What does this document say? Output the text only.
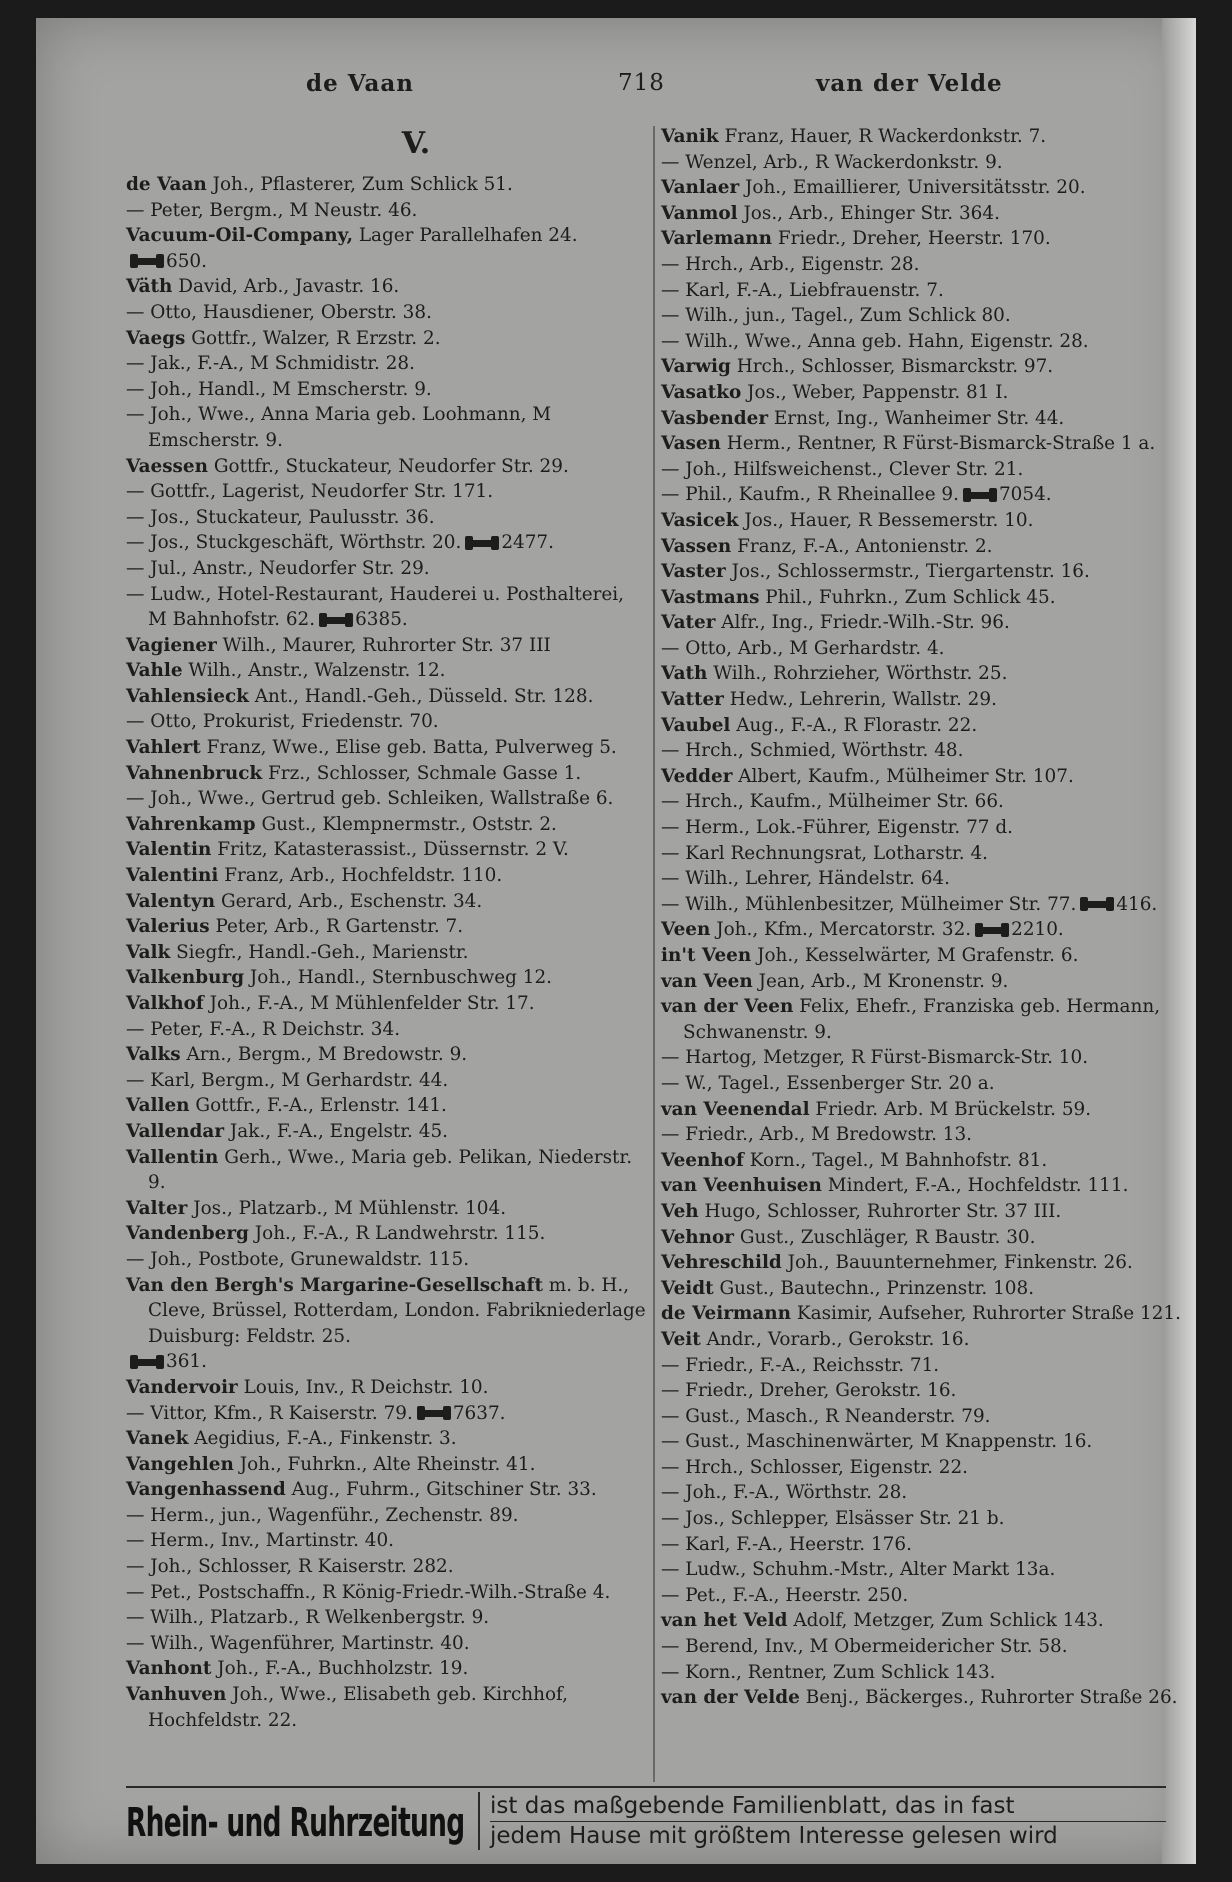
de Vaan	718	van der Velde
V.
de Vaan Joh., Pflasterer, Zum Schlick 51.
— Peter, Bergm., M Neustr. 46.
Vacuum-Oil-Company, Lager Parallelhafen 24.
650.
Väth David, Arb., Javastr. 16.
— Otto, Hausdiener, Oberstr. 38.
Vaegs Gottfr., Walzer, R Erzstr. 2.
— Jak., F.-A., M Schmidistr. 28.
— Joh., Handl., M Emscherstr. 9.
— Joh., Wwe., Anna Maria geb. Loohmann, M Emscherstr. 9.
Vaessen Gottfr., Stuckateur, Neudorfer Str. 29.
— Gottfr., Lagerist, Neudorfer Str. 171.
— Jos., Stuckateur, Paulusstr. 36.
— Jos., Stuckgeschäft, Wörthstr. 20. 2477.
— Jul., Anstr., Neudorfer Str. 29.
— Ludw., Hotel-Restaurant, Hauderei u. Posthalterei, M Bahnhofstr. 62. 6385.
Vagiener Wilh., Maurer, Ruhrorter Str. 37 III
Vahle Wilh., Anstr., Walzenstr. 12.
Vahlensieck Ant., Handl.-Geh., Düsseld. Str. 128.
— Otto, Prokurist, Friedenstr. 70.
Vahlert Franz, Wwe., Elise geb. Batta, Pulverweg 5.
Vahnenbruck Frz., Schlosser, Schmale Gasse 1.
— Joh., Wwe., Gertrud geb. Schleiken, Wallstraße 6.
Vahrenkamp Gust., Klempnermstr., Oststr. 2.
Valentin Fritz, Katasterassist., Düssernstr. 2 V.
Valentini Franz, Arb., Hochfeldstr. 110.
Valentyn Gerard, Arb., Eschenstr. 34.
Valerius Peter, Arb., R Gartenstr. 7.
Valk Siegfr., Handl.-Geh., Marienstr.
Valkenburg Joh., Handl., Sternbuschweg 12.
Valkhof Joh., F.-A., M Mühlenfelder Str. 17.
— Peter, F.-A., R Deichstr. 34.
Valks Arn., Bergm., M Bredowstr. 9.
— Karl, Bergm., M Gerhardstr. 44.
Vallen Gottfr., F.-A., Erlenstr. 141.
Vallendar Jak., F.-A., Engelstr. 45.
Vallentin Gerh., Wwe., Maria geb. Pelikan, Niederstr. 9.
Valter Jos., Platzarb., M Mühlenstr. 104.
Vandenberg Joh., F.-A., R Landwehrstr. 115.
— Joh., Postbote, Grunewaldstr. 115.
Van den Bergh's Margarine-Gesellschaft m. b. H., Cleve, Brüssel, Rotterdam, London. Fabrikniederlage Duisburg: Feldstr. 25.
361.
Vandervoir Louis, Inv., R Deichstr. 10.
— Vittor, Kfm., R Kaiserstr. 79. 7637.
Vanek Aegidius, F.-A., Finkenstr. 3.
Vangehlen Joh., Fuhrkn., Alte Rheinstr. 41.
Vangenhassend Aug., Fuhrm., Gitschiner Str. 33.
— Herm., jun., Wagenführ., Zechenstr. 89.
— Herm., Inv., Martinstr. 40.
— Joh., Schlosser, R Kaiserstr. 282.
— Pet., Postschaffn., R König-Friedr.-Wilh.-Straße 4.
— Wilh., Platzarb., R Welkenbergstr. 9.
— Wilh., Wagenführer, Martinstr. 40.
Vanhont Joh., F.-A., Buchholzstr. 19.
Vanhuven Joh., Wwe., Elisabeth geb. Kirchhof, Hochfeldstr. 22.
Vanik Franz, Hauer, R Wackerdonkstr. 7.
— Wenzel, Arb., R Wackerdonkstr. 9.
Vanlaer Joh., Emaillierer, Universitätsstr. 20.
Vanmol Jos., Arb., Ehinger Str. 364.
Varlemann Friedr., Dreher, Heerstr. 170.
— Hrch., Arb., Eigenstr. 28.
— Karl, F.-A., Liebfrauenstr. 7.
— Wilh., jun., Tagel., Zum Schlick 80.
— Wilh., Wwe., Anna geb. Hahn, Eigenstr. 28.
Varwig Hrch., Schlosser, Bismarckstr. 97.
Vasatko Jos., Weber, Pappenstr. 81 I.
Vasbender Ernst, Ing., Wanheimer Str. 44.
Vasen Herm., Rentner, R Fürst-Bismarck-Straße 1 a.
— Joh., Hilfsweichenst., Clever Str. 21.
— Phil., Kaufm., R Rheinallee 9. 7054.
Vasicek Jos., Hauer, R Bessemerstr. 10.
Vassen Franz, F.-A., Antonienstr. 2.
Vaster Jos., Schlossermstr., Tiergartenstr. 16.
Vastmans Phil., Fuhrkn., Zum Schlick 45.
Vater Alfr., Ing., Friedr.-Wilh.-Str. 96.
— Otto, Arb., M Gerhardstr. 4.
Vath Wilh., Rohrzieher, Wörthstr. 25.
Vatter Hedw., Lehrerin, Wallstr. 29.
Vaubel Aug., F.-A., R Florastr. 22.
— Hrch., Schmied, Wörthstr. 48.
Vedder Albert, Kaufm., Mülheimer Str. 107.
— Hrch., Kaufm., Mülheimer Str. 66.
— Herm., Lok.-Führer, Eigenstr. 77 d.
— Karl Rechnungsrat, Lotharstr. 4.
— Wilh., Lehrer, Händelstr. 64.
— Wilh., Mühlenbesitzer, Mülheimer Str. 77. 416.
Veen Joh., Kfm., Mercatorstr. 32. 2210.
in't Veen Joh., Kesselwärter, M Grafenstr. 6.
van Veen Jean, Arb., M Kronenstr. 9.
van der Veen Felix, Ehefr., Franziska geb. Hermann, Schwanenstr. 9.
— Hartog, Metzger, R Fürst-Bismarck-Str. 10.
— W., Tagel., Essenberger Str. 20 a.
van Veenendal Friedr. Arb. M Brückelstr. 59.
— Friedr., Arb., M Bredowstr. 13.
Veenhof Korn., Tagel., M Bahnhofstr. 81.
van Veenhuisen Mindert, F.-A., Hochfeldstr. 111.
Veh Hugo, Schlosser, Ruhrorter Str. 37 III.
Vehnor Gust., Zuschläger, R Baustr. 30.
Vehreschild Joh., Bauunternehmer, Finkenstr. 26.
Veidt Gust., Bautechn., Prinzenstr. 108.
de Veirmann Kasimir, Aufseher, Ruhrorter Straße 121.
Veit Andr., Vorarb., Gerokstr. 16.
— Friedr., F.-A., Reichsstr. 71.
— Friedr., Dreher, Gerokstr. 16.
— Gust., Masch., R Neanderstr. 79.
— Gust., Maschinenwärter, M Knappenstr. 16.
— Hrch., Schlosser, Eigenstr. 22.
— Joh., F.-A., Wörthstr. 28.
— Jos., Schlepper, Elsässer Str. 21 b.
— Karl, F.-A., Heerstr. 176.
— Ludw., Schuhm.-Mstr., Alter Markt 13a.
— Pet., F.-A., Heerstr. 250.
van het Veld Adolf, Metzger, Zum Schlick 143.
— Berend, Inv., M Obermeidericher Str. 58.
— Korn., Rentner, Zum Schlick 143.
van der Velde Benj., Bäckerges., Ruhrorter Straße 26.
Rhein- und Ruhrzeitung ist das maßgebende Familienblatt, das in fast
jedem Hause mit größtem Interesse gelesen wird
